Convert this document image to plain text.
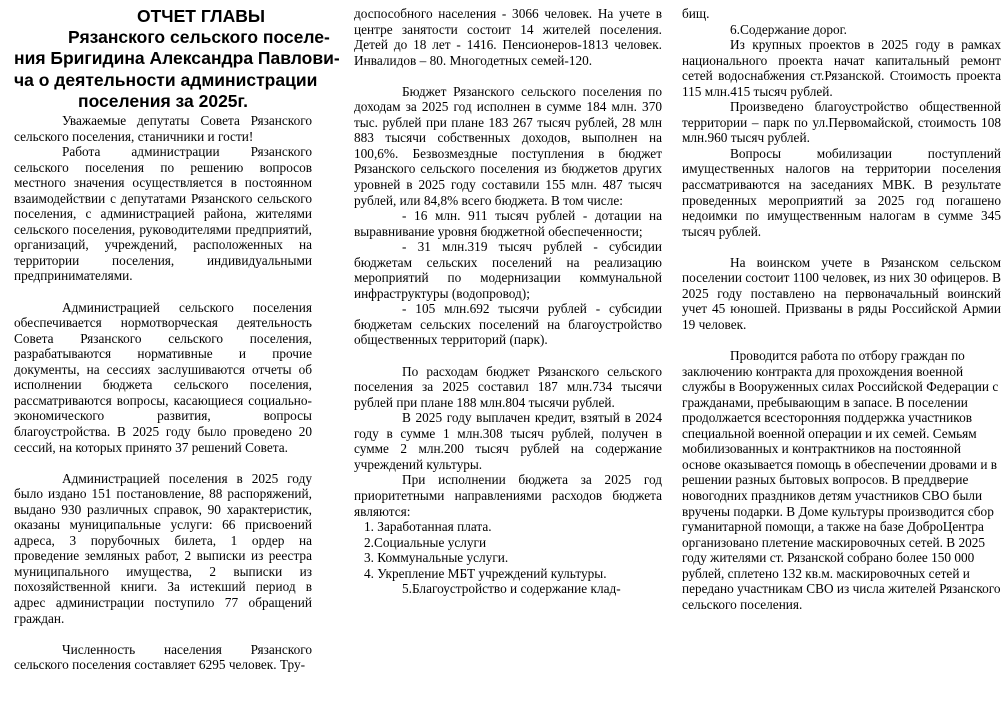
ОТЧЕТ ГЛАВЫ
Рязанского сельского поселе-
ния Бригидина Александра Павлови-
ча о деятельности администрации
поселения за 2025г.

Уважаемые депутаты Совета Рязанского сельского поселения, станичники и гости!

Работа администрации Рязанского сельского поселения по решению вопросов местного значения осуществляется в постоянном взаимодействии с депутатами Рязанского сельского поселения, с администрацией района, жителями сельского поселения, руководителями предприятий, организаций, учреждений, расположенных на территории поселения, индивидуальными предпринимателями.

Администрацией сельского поселения обеспечивается нормотворческая деятельность Совета Рязанского сельского поселения, разрабатываются нормативные и прочие документы, на сессиях заслушиваются отчеты об исполнении бюджета сельского поселения, рассматриваются вопросы, касающиеся социально-экономического развития, вопросы благоустройства. В 2025 году было проведено 20 сессий, на которых принято 37 решений Совета.

Администрацией поселения в 2025 году было издано 151 постановление, 88 распоряжений, выдано 930 различных справок, 90 характеристик, оказаны муниципальные услуги: 66 присвоений адреса, 3 порубочных билета, 1 ордер на проведение земляных работ, 2 выписки из реестра муниципального имущества, 2 выписки из похозяйственной книги. За истекший период в адрес администрации поступило 77 обращений граждан.

Численность населения Рязанского сельского поселения составляет 6295 человек. Тру-

доспособного населения - 3066 человек. На учете в центре занятости состоит 14 жителей поселения. Детей до 18 лет - 1416. Пенсионеров-1813 человек. Инвалидов – 80. Многодетных семей-120.

Бюджет Рязанского сельского поселения по доходам за 2025 год исполнен в сумме 184 млн. 370 тыс. рублей при плане 183 267 тысяч рублей, 28 млн 883 тысячи собственных доходов, выполнен на 100,6%. Безвозмездные поступления в бюджет Рязанского сельского поселения из бюджетов других уровней в 2025 году составили 155 млн. 487 тысяч рублей, или 84,8% всего бюджета. В том числе:

- 16 млн. 911 тысяч рублей - дотации на выравнивание уровня бюджетной обеспеченности;

- 31 млн.319 тысяч рублей - субсидии бюджетам сельских поселений на реализацию мероприятий по модернизации коммунальной инфраструктуры (водопровод);

- 105 млн.692 тысячи рублей - субсидии бюджетам сельских поселений на благоустройство общественных территорий (парк).

По расходам бюджет Рязанского сельского поселения за 2025 составил 187 млн.734 тысячи рублей при плане 188 млн.804 тысячи рублей.

В 2025 году выплачен кредит, взятый в 2024 году в сумме 1 млн.308 тысяч рублей, получен в сумме 2 млн.200 тысяч рублей на содержание учреждений культуры.

При исполнении бюджета за 2025 год приоритетными направлениями расходов бюджета являются:

1. Заработанная плата.

2.Социальные услуги

3. Коммунальные услуги.

4. Укрепление МБТ учреждений культуры.

5.Благоустройство и содержание клад-

бищ.

6.Содержание дорог.

Из крупных проектов в 2025 году в рамках национального проекта начат капитальный ремонт сетей водоснабжения ст.Рязанской. Стоимость проекта 115 млн.415 тысяч рублей.

Произведено благоустройство общественной территории – парк по ул.Первомайской, стоимость 108 млн.960 тысяч рублей.

Вопросы мобилизации поступлений имущественных налогов на территории поселения рассматриваются на заседаниях МВК. В результате проведенных мероприятий за 2025 год погашено недоимки по имущественным налогам в сумме 345 тысяч рублей.

На воинском учете в Рязанском сельском поселении состоит 1100 человек, из них 30 офицеров. В 2025 году поставлено на первоначальный воинский учет 45 юношей. Призваны в ряды Российской Армии 19 человек.

Проводится работа по отбору граждан по заключению контракта для прохождения военной службы в Вооруженных силах Российской Федерации с гражданами, пребывающим в запасе. В поселении продолжается всесторонняя поддержка участников специальной военной операции и их семей. Семьям мобилизованных и контрактников на постоянной основе оказывается помощь в обеспечении дровами и в решении разных бытовых вопросов. В преддверие новогодних праздников детям участников СВО были вручены подарки. В Доме культуры производится сбор гуманитарной помощи, а также на базе ДоброЦентра организовано плетение маскировочных сетей. В 2025 году жителями ст. Рязанской собрано более 150 000 рублей, сплетено 132 кв.м. маскировочных сетей и передано участникам СВО из числа жителей Рязанского сельского поселения.
